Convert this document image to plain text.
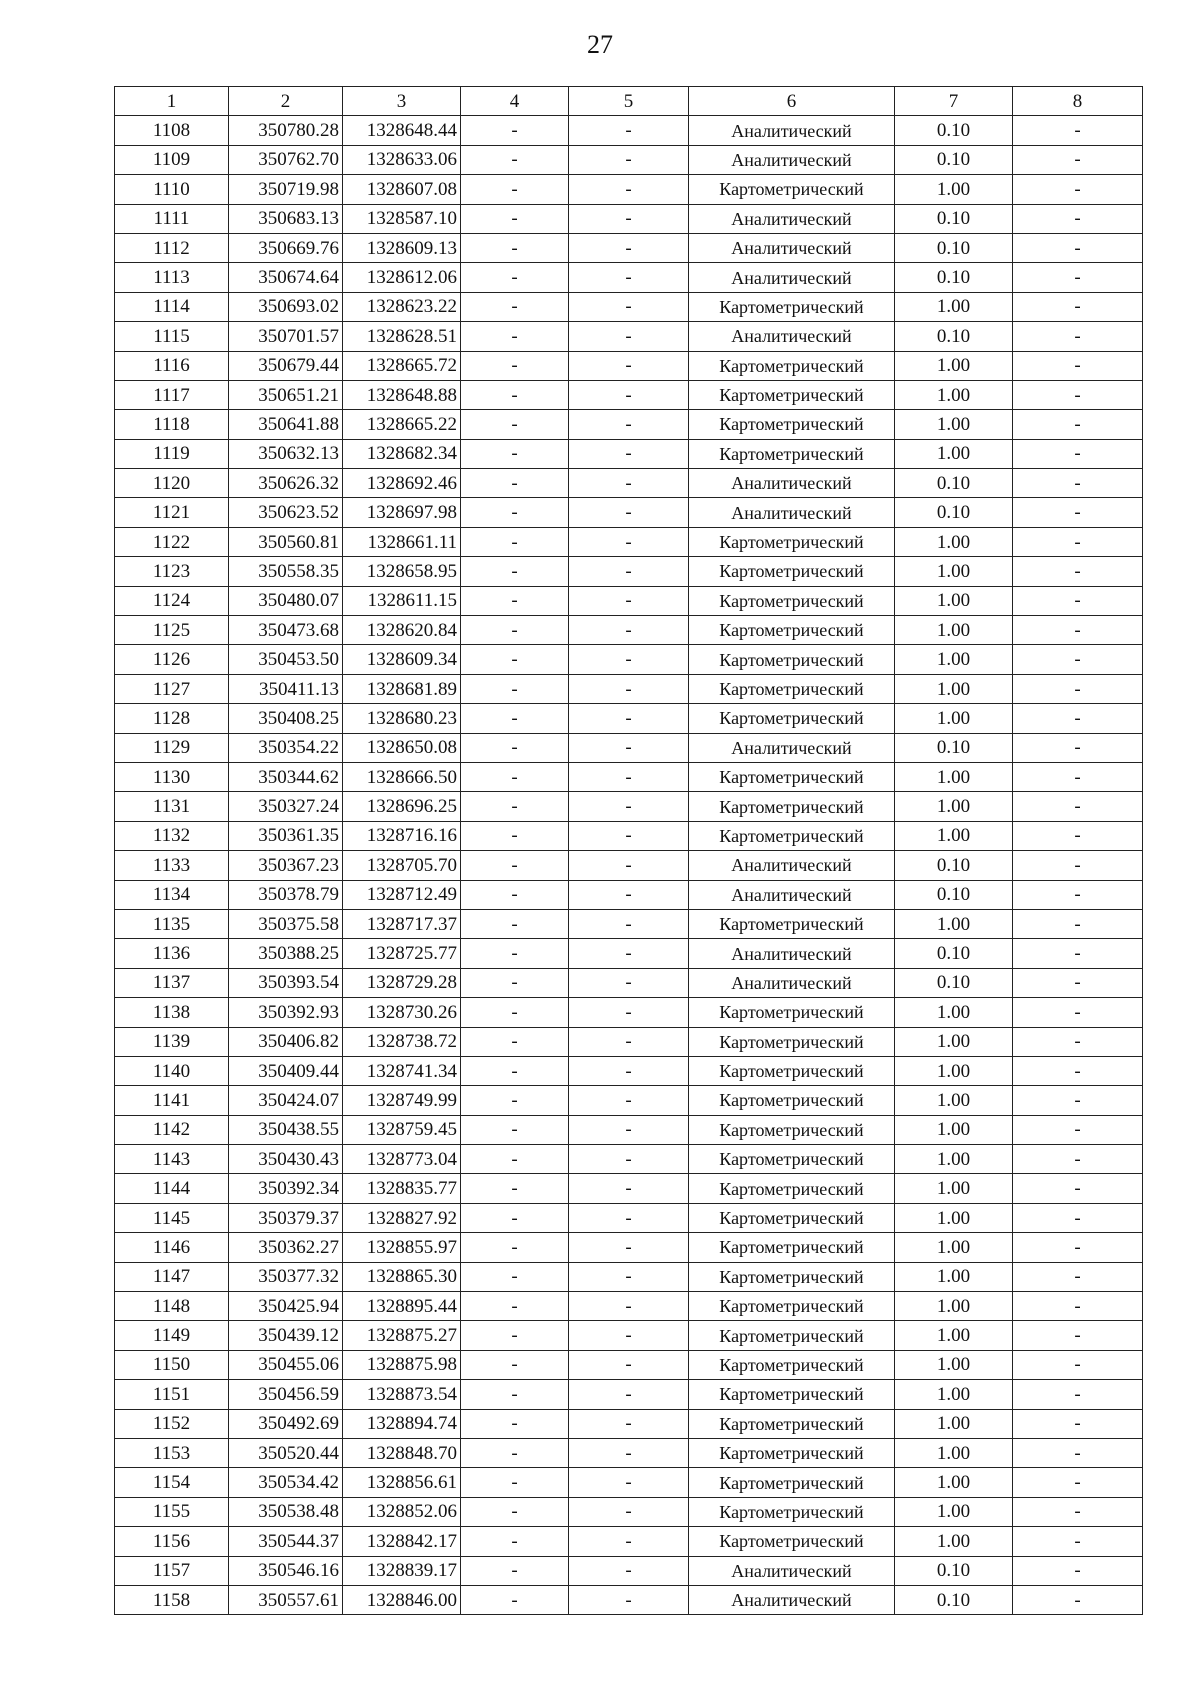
27
1	2	3	4	5	6	7	8
1108	350780.28	1328648.44	-	-	Аналитический	0.10	-
1109	350762.70	1328633.06	-	-	Аналитический	0.10	-
1110	350719.98	1328607.08	-	-	Картометрический	1.00	-
1111	350683.13	1328587.10	-	-	Аналитический	0.10	-
1112	350669.76	1328609.13	-	-	Аналитический	0.10	-
1113	350674.64	1328612.06	-	-	Аналитический	0.10	-
1114	350693.02	1328623.22	-	-	Картометрический	1.00	-
1115	350701.57	1328628.51	-	-	Аналитический	0.10	-
1116	350679.44	1328665.72	-	-	Картометрический	1.00	-
1117	350651.21	1328648.88	-	-	Картометрический	1.00	-
1118	350641.88	1328665.22	-	-	Картометрический	1.00	-
1119	350632.13	1328682.34	-	-	Картометрический	1.00	-
1120	350626.32	1328692.46	-	-	Аналитический	0.10	-
1121	350623.52	1328697.98	-	-	Аналитический	0.10	-
1122	350560.81	1328661.11	-	-	Картометрический	1.00	-
1123	350558.35	1328658.95	-	-	Картометрический	1.00	-
1124	350480.07	1328611.15	-	-	Картометрический	1.00	-
1125	350473.68	1328620.84	-	-	Картометрический	1.00	-
1126	350453.50	1328609.34	-	-	Картометрический	1.00	-
1127	350411.13	1328681.89	-	-	Картометрический	1.00	-
1128	350408.25	1328680.23	-	-	Картометрический	1.00	-
1129	350354.22	1328650.08	-	-	Аналитический	0.10	-
1130	350344.62	1328666.50	-	-	Картометрический	1.00	-
1131	350327.24	1328696.25	-	-	Картометрический	1.00	-
1132	350361.35	1328716.16	-	-	Картометрический	1.00	-
1133	350367.23	1328705.70	-	-	Аналитический	0.10	-
1134	350378.79	1328712.49	-	-	Аналитический	0.10	-
1135	350375.58	1328717.37	-	-	Картометрический	1.00	-
1136	350388.25	1328725.77	-	-	Аналитический	0.10	-
1137	350393.54	1328729.28	-	-	Аналитический	0.10	-
1138	350392.93	1328730.26	-	-	Картометрический	1.00	-
1139	350406.82	1328738.72	-	-	Картометрический	1.00	-
1140	350409.44	1328741.34	-	-	Картометрический	1.00	-
1141	350424.07	1328749.99	-	-	Картометрический	1.00	-
1142	350438.55	1328759.45	-	-	Картометрический	1.00	-
1143	350430.43	1328773.04	-	-	Картометрический	1.00	-
1144	350392.34	1328835.77	-	-	Картометрический	1.00	-
1145	350379.37	1328827.92	-	-	Картометрический	1.00	-
1146	350362.27	1328855.97	-	-	Картометрический	1.00	-
1147	350377.32	1328865.30	-	-	Картометрический	1.00	-
1148	350425.94	1328895.44	-	-	Картометрический	1.00	-
1149	350439.12	1328875.27	-	-	Картометрический	1.00	-
1150	350455.06	1328875.98	-	-	Картометрический	1.00	-
1151	350456.59	1328873.54	-	-	Картометрический	1.00	-
1152	350492.69	1328894.74	-	-	Картометрический	1.00	-
1153	350520.44	1328848.70	-	-	Картометрический	1.00	-
1154	350534.42	1328856.61	-	-	Картометрический	1.00	-
1155	350538.48	1328852.06	-	-	Картометрический	1.00	-
1156	350544.37	1328842.17	-	-	Картометрический	1.00	-
1157	350546.16	1328839.17	-	-	Аналитический	0.10	-
1158	350557.61	1328846.00	-	-	Аналитический	0.10	-
